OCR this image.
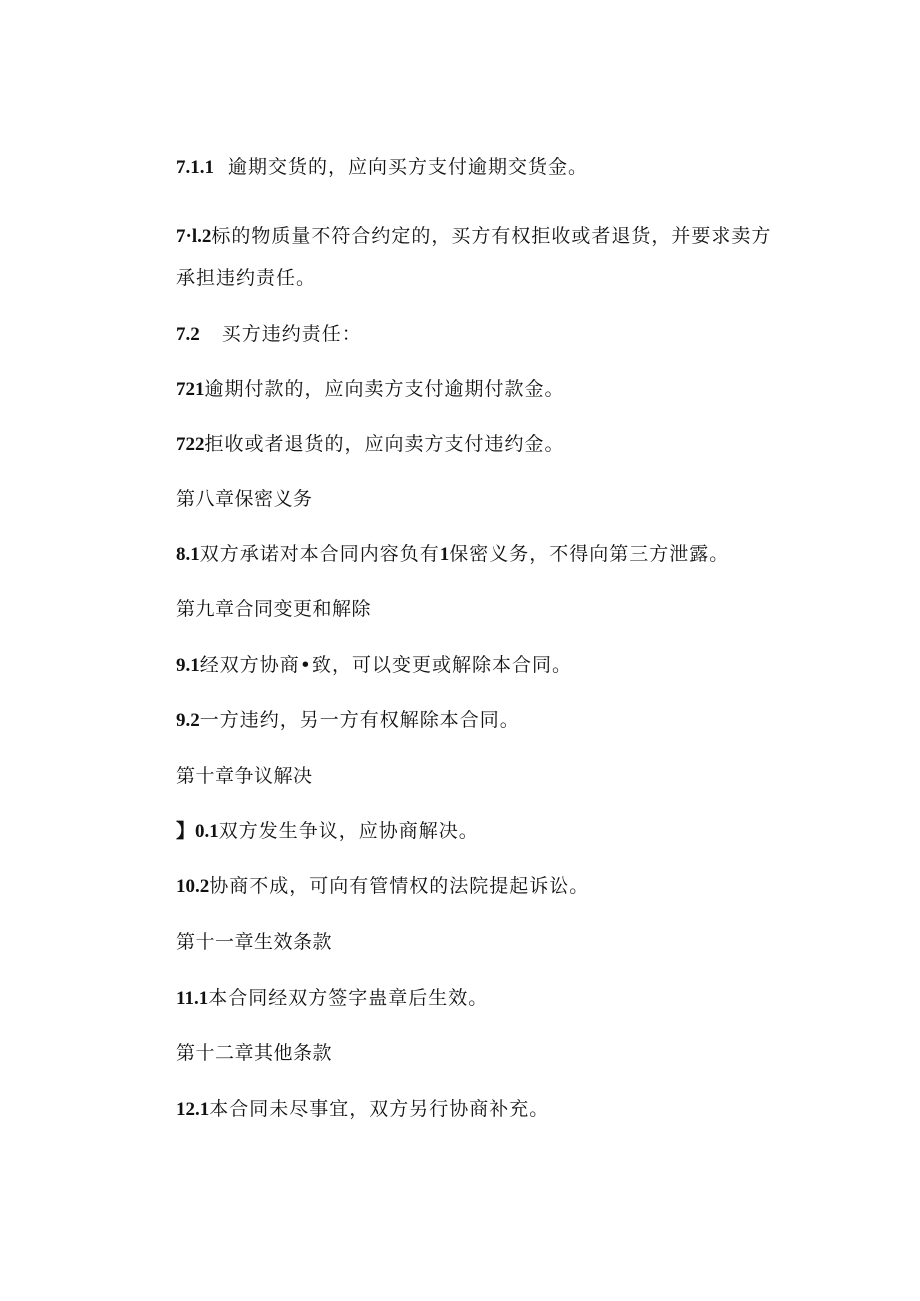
7.1.1 逾期交货的，应向买方支付逾期交货金。

7·l.2标的物质量不符合约定的，买方有权拒收或者退货，并要求卖方

承担违约责任。

7.2 买方违约责任：

721逾期付款的，应向卖方支付逾期付款金。

722拒收或者退货的，应向卖方支付违约金。

第八章保密义务

8.1双方承诺对本合同内容负有1保密义务，不得向第三方泄露。

第九章合同变更和解除

9.1经双方协商•致，可以变更或解除本合同。

9.2一方违约，另一方有权解除本合同。

第十章争议解决

】0.1双方发生争议，应协商解决。

10.2协商不成，可向有管情权的法院提起诉讼。

第十一章生效条款

11.1本合同经双方签字蛊章后生效。

第十二章其他条款

12.1本合同未尽事宜，双方另行协商补充。
